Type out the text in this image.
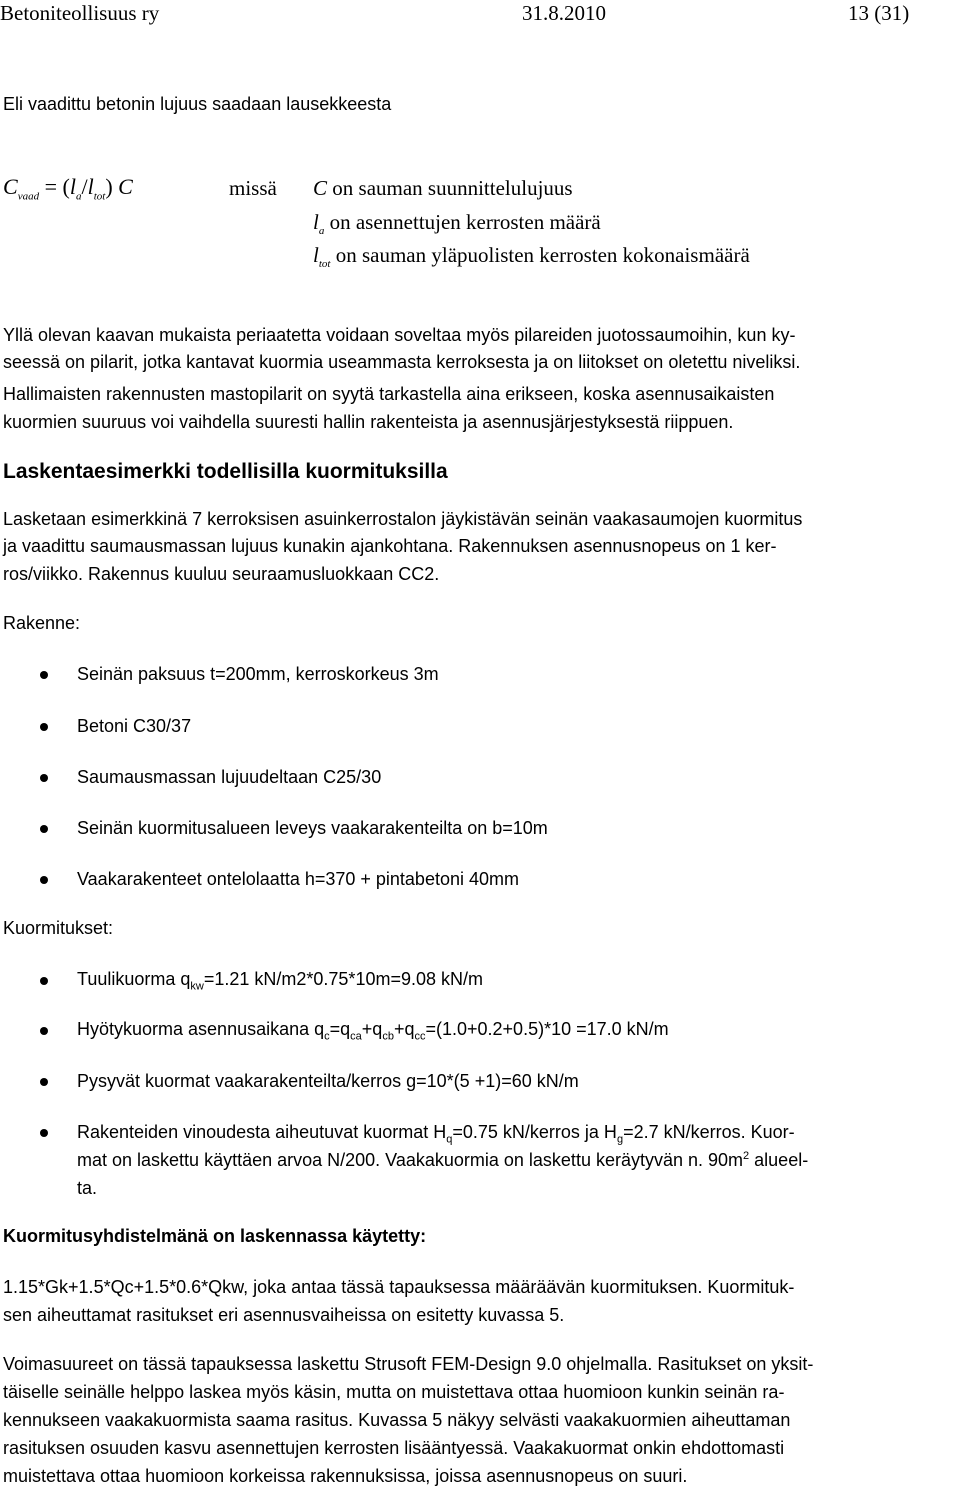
Betoniteollisuus ry	31.8.2010	13 (31)
Eli vaadittu betonin lujuus saadaan lausekkeesta
$C_{vaad} = (l_a/l_{tot})$ C	missä C on sauman suunnittelulujuus
$l_a$ on asennettujen kerrosten määrä
$l_{tot}$ on sauman yläpuolisten kerrosten kokonaismäärä
Yllä olevan kaavan mukaista periaatetta voidaan soveltaa myös pilareiden juotossaumoihin, kun ky-
seessä on pilarit, jotka kantavat kuormia useammasta kerroksesta ja on liitokset on oletettu niveliksi.
Hallimaisten rakennusten mastopilarit on syytä tarkastella aina erikseen, koska asennusaikaisten
kuormien suuruus voi vaihdella suuresti hallin rakenteista ja asennusjärjestyksestä riippuen.
Laskentaesimerkki todellisilla kuormituksilla
Lasketaan esimerkkinä 7 kerroksisen asuinkerrostalon jäykistävän seinän vaakasaumojen kuormitus
ja vaadittu saumausmassan lujuus kunakin ajankohtana. Rakennuksen asennusnopeus on 1 ker-
ros/viikko. Rakennus kuuluu seuraamusluokkaan CC2.
Rakenne:
Seinän paksuus t=200mm, kerroskorkeus 3m
Betoni C30/37
Saumausmassan lujuudeltaan C25/30
Seinän kuormitusalueen leveys vaakarakenteilta on b=10m
Vaakarakenteet ontelolaatta h=370 + pintabetoni 40mm
Kuormitukset:
Tuulikuorma $q_{kw}=1.21$ kN/m2*0.75*10m=9.08 kN/m
Hyötykuorma asennusaikana $q_c=q_{ca}+q_{cb}+q_{cc}=(1.0+0.2+0.5)*10 =17.0$ kN/m
Pysyvät kuormat vaakarakenteilta/kerros g=10*(5 +1)=60 kN/m
Rakenteiden vinoudesta aiheutuvat kuormat $H_q=0.75$ kN/kerros ja $H_g=2.7$ kN/kerros. Kuor-
mat on laskettu käyttäen arvoa N/200. Vaakakuormia on laskettu keräytyvän n. $90m^2$ alueel-
ta.
Kuormitusyhdistelmänä on laskennassa käytetty:
1.15*Gk+1.5*Qc+1.5*0.6*Qkw, joka antaa tässä tapauksessa määräävän kuormituksen. Kuormituk-
sen aiheuttamat rasitukset eri asennusvaiheissa on esitetty kuvassa 5.
Voimasuureet on tässä tapauksessa laskettu Strusoft FEM-Design 9.0 ohjelmalla. Rasitukset on yksit-
täiselle seinälle helppo laskea myös käsin, mutta on muistettava ottaa huomioon kunkin seinän ra-
kennukseen vaakakuormista saama rasitus. Kuvassa 5 näkyy selvästi vaakakuormien aiheuttaman
rasituksen osuuden kasvu asennettujen kerrosten lisääntyessä. Vaakakuormat onkin ehdottomasti
muistettava ottaa huomioon korkeissa rakennuksissa, joissa asennusnopeus on suuri.
